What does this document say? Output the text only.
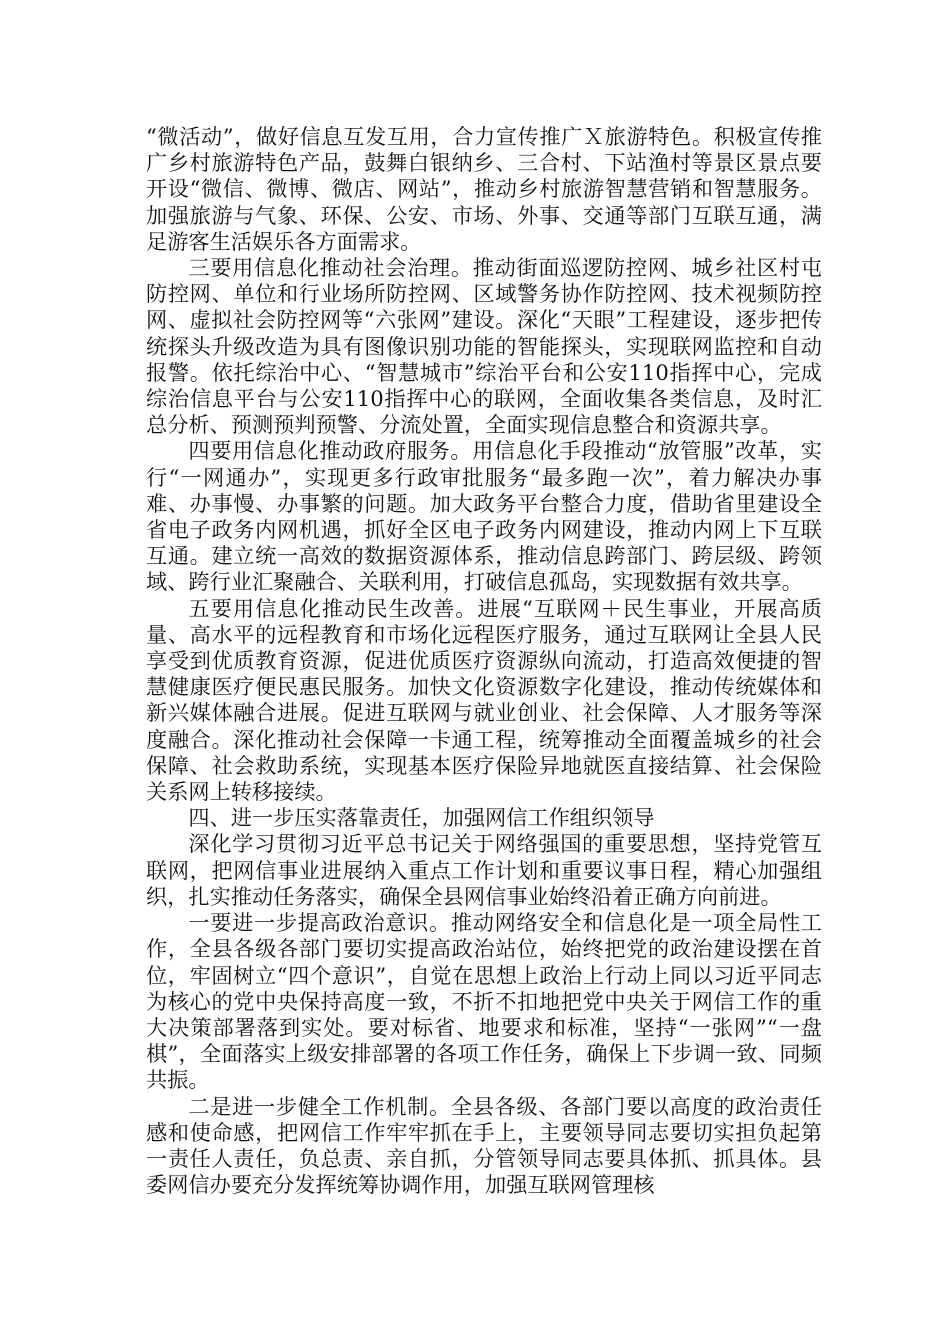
“微活动”，做好信息互发互用，合力宣传推广Ｘ旅游特色。积极宣传推广乡村旅游特色产品，鼓舞白银纳乡、三合村、下站渔村等景区景点要开设“微信、微博、微店、网站”，推动乡村旅游智慧营销和智慧服务。加强旅游与气象、环保、公安、市场、外事、交通等部门互联互通，满足游客生活娱乐各方面需求。

三要用信息化推动社会治理。推动街面巡逻防控网、城乡社区村屯防控网、单位和行业场所防控网、区域警务协作防控网、技术视频防控网、虚拟社会防控网等“六张网”建设。深化“天眼”工程建设，逐步把传统探头升级改造为具有图像识别功能的智能探头，实现联网监控和自动报警。依托综治中心、“智慧城市”综治平台和公安110指挥中心，完成综治信息平台与公安110指挥中心的联网，全面收集各类信息，及时汇总分析、预测预判预警、分流处置，全面实现信息整合和资源共享。

四要用信息化推动政府服务。用信息化手段推动“放管服”改革，实行“一网通办”，实现更多行政审批服务“最多跑一次”，着力解决办事难、办事慢、办事繁的问题。加大政务平台整合力度，借助省里建设全省电子政务内网机遇，抓好全区电子政务内网建设，推动内网上下互联互通。建立统一高效的数据资源体系，推动信息跨部门、跨层级、跨领域、跨行业汇聚融合、关联利用，打破信息孤岛，实现数据有效共享。

五要用信息化推动民生改善。进展“互联网＋民生事业，开展高质量、高水平的远程教育和市场化远程医疗服务，通过互联网让全县人民享受到优质教育资源，促进优质医疗资源纵向流动，打造高效便捷的智慧健康医疗便民惠民服务。加快文化资源数字化建设，推动传统媒体和新兴媒体融合进展。促进互联网与就业创业、社会保障、人才服务等深度融合。深化推动社会保障一卡通工程，统筹推动全面覆盖城乡的社会保障、社会救助系统，实现基本医疗保险异地就医直接结算、社会保险关系网上转移接续。

四、进一步压实落靠责任，加强网信工作组织领导

深化学习贯彻习近平总书记关于网络强国的重要思想，坚持党管互联网，把网信事业进展纳入重点工作计划和重要议事日程，精心加强组织，扎实推动任务落实，确保全县网信事业始终沿着正确方向前进。

一要进一步提高政治意识。推动网络安全和信息化是一项全局性工作，全县各级各部门要切实提高政治站位，始终把党的政治建设摆在首位，牢固树立“四个意识”，自觉在思想上政治上行动上同以习近平同志为核心的党中央保持高度一致，不折不扣地把党中央关于网信工作的重大决策部署落到实处。要对标省、地要求和标准，坚持“一张网”“一盘棋”，全面落实上级安排部署的各项工作任务，确保上下步调一致、同频共振。

二是进一步健全工作机制。全县各级、各部门要以高度的政治责任感和使命感，把网信工作牢牢抓在手上，主要领导同志要切实担负起第一责任人责任，负总责、亲自抓，分管领导同志要具体抓、抓具体。县委网信办要充分发挥统筹协调作用，加强互联网管理核
